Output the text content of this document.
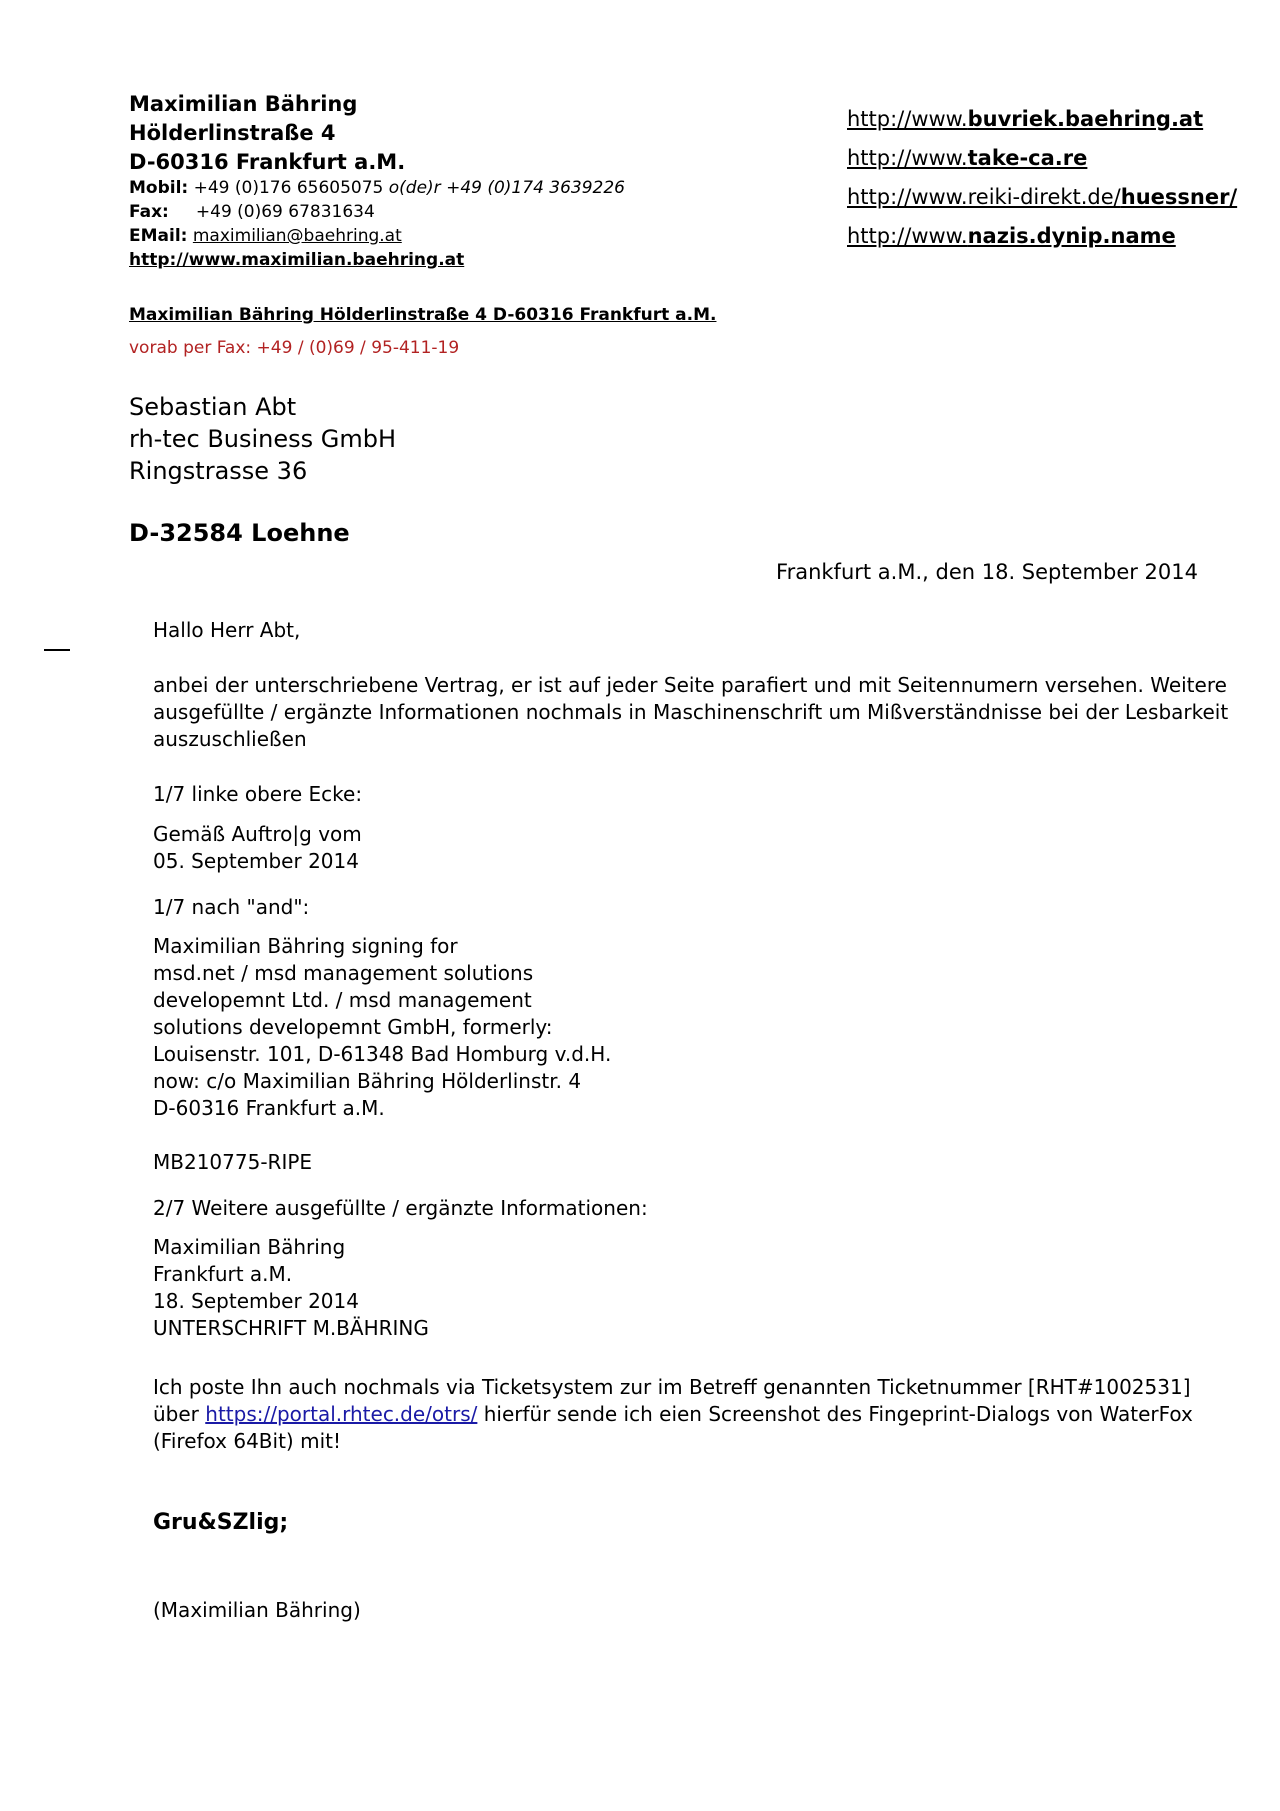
Maximilian Bähring
Hölderlinstraße 4
D-60316 Frankfurt a.M.
Mobil: +49 (0)176 65605075 o(de)r +49 (0)174 3639226
Fax:     +49 (0)69 67831634
EMail: maximilian@baehring.at
http://www.maximilian.baehring.at
http://www.buvriek.baehring.at
http://www.take-ca.re
http://www.reiki-direkt.de/huessner/
http://www.nazis.dynip.name
Maximilian Bähring Hölderlinstraße 4 D-60316 Frankfurt a.M.
vorab per Fax: +49 / (0)69 / 95-411-19
Sebastian Abt
rh-tec Business GmbH
Ringstrasse 36
D-32584 Loehne
Frankfurt a.M., den 18. September 2014
Hallo Herr Abt,
anbei der unterschriebene Vertrag, er ist auf jeder Seite parafiert und mit Seitennumern versehen. Weitere
ausgefüllte / ergänzte Informationen nochmals in Maschinenschrift um Mißverständnisse bei der Lesbarkeit
auszuschließen
1/7 linke obere Ecke:
Gemäß Auftro|g vom
05. September 2014
1/7 nach "and":
Maximilian Bähring signing for
msd.net / msd management solutions
developemnt Ltd. / msd management
solutions developemnt GmbH, formerly:
Louisenstr. 101, D-61348 Bad Homburg v.d.H.
now: c/o Maximilian Bähring Hölderlinstr. 4
D-60316 Frankfurt a.M.
MB210775-RIPE
2/7 Weitere ausgefüllte / ergänzte Informationen:
Maximilian Bähring
Frankfurt a.M.
18. September 2014
UNTERSCHRIFT M.BÄHRING
Ich poste Ihn auch nochmals via Ticketsystem zur im Betreff genannten Ticketnummer [RHT#1002531]
über https://portal.rhtec.de/otrs/ hierfür sende ich eien Screenshot des Fingeprint-Dialogs von WaterFox
(Firefox 64Bit) mit!
Gru&SZlig;
(Maximilian Bähring)
